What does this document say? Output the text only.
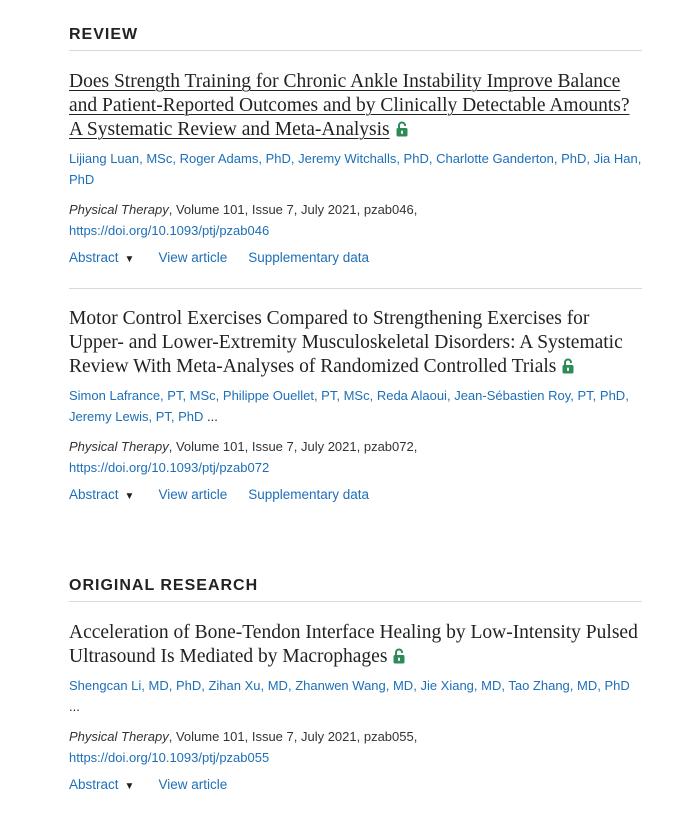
REVIEW
Does Strength Training for Chronic Ankle Instability Improve Balance and Patient-Reported Outcomes and by Clinically Detectable Amounts? A Systematic Review and Meta-Analysis
Lijiang Luan, MSc, Roger Adams, PhD, Jeremy Witchalls, PhD, Charlotte Ganderton, PhD, Jia Han, PhD
Physical Therapy, Volume 101, Issue 7, July 2021, pzab046,
https://doi.org/10.1093/ptj/pzab046
Abstract ▼ View article Supplementary data
Motor Control Exercises Compared to Strengthening Exercises for Upper- and Lower-Extremity Musculoskeletal Disorders: A Systematic Review With Meta-Analyses of Randomized Controlled Trials
Simon Lafrance, PT, MSc, Philippe Ouellet, PT, MSc, Reda Alaoui, Jean-Sébastien Roy, PT, PhD, Jeremy Lewis, PT, PhD ...
Physical Therapy, Volume 101, Issue 7, July 2021, pzab072,
https://doi.org/10.1093/ptj/pzab072
Abstract ▼ View article Supplementary data
ORIGINAL RESEARCH
Acceleration of Bone-Tendon Interface Healing by Low-Intensity Pulsed Ultrasound Is Mediated by Macrophages
Shengcan Li, MD, PhD, Zihan Xu, MD, Zhanwen Wang, MD, Jie Xiang, MD, Tao Zhang, MD, PhD ...
Physical Therapy, Volume 101, Issue 7, July 2021, pzab055,
https://doi.org/10.1093/ptj/pzab055
Abstract ▼ View article
